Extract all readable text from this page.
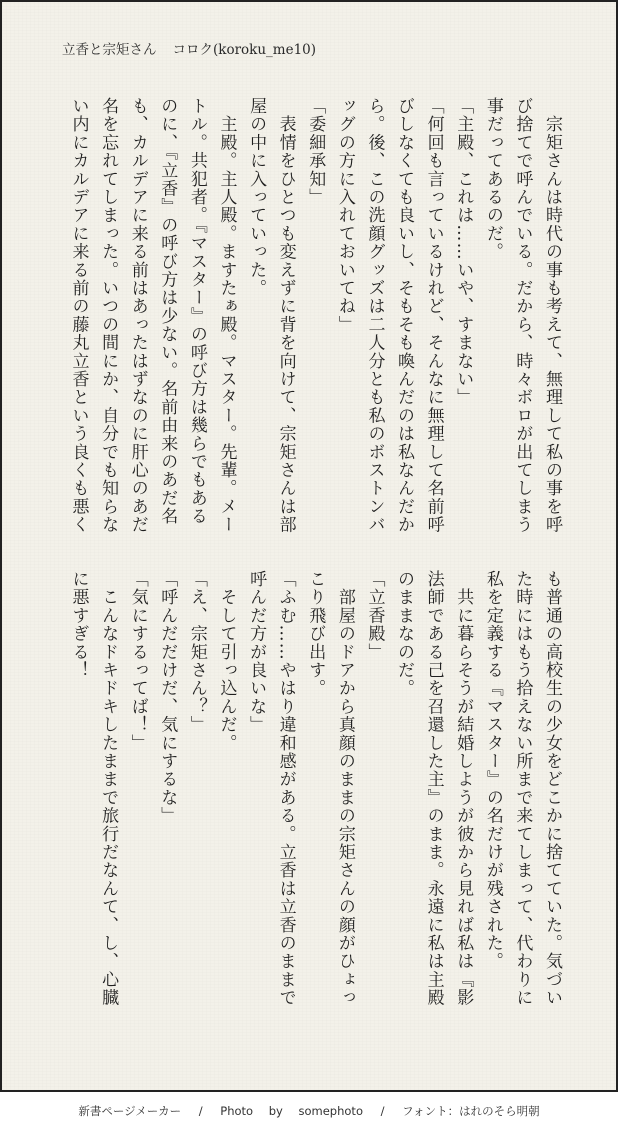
立香と宗矩さん コロク(koroku_me10)

　宗矩さんは時代の事も考えて、無理して私の事を呼

び捨てで呼んでいる。だから、時々ボロが出てしまう

事だってあるのだ。

「主殿、これは……いや、すまない」

「何回も言っているけれど、そんなに無理して名前呼

びしなくても良いし、そもそも喚んだのは私なんだか

ら。後、この洗顔グッズは二人分とも私のボストンバ

ッグの方に入れておいてね」

「委細承知」

　表情をひとつも変えずに背を向けて、宗矩さんは部

屋の中に入っていった。

　主殿。主人殿。ますたぁ殿。マスター。先輩。メー

トル。共犯者。『マスター』の呼び方は幾らでもある

のに、『立香』の呼び方は少ない。名前由来のあだ名

も、カルデアに来る前はあったはずなのに肝心のあだ

名を忘れてしまった。いつの間にか、自分でも知らな

い内にカルデアに来る前の藤丸立香という良くも悪く

も普通の高校生の少女をどこかに捨てていた。気づい

た時にはもう拾えない所まで来てしまって、代わりに

私を定義する『マスター』の名だけが残された。

　共に暮らそうが結婚しようが彼から見れば私は『影

法師である己を召還した主』のまま。永遠に私は主殿

のままなのだ。

「立香殿」

　部屋のドアから真顔のままの宗矩さんの顔がひょっ

こり飛び出す。

「ふむ……やはり違和感がある。立香は立香のままで

呼んだ方が良いな」

　そして引っ込んだ。

「え、宗矩さん？」

「呼んだだけだ、気にするな」

「気にするってば！」

　こんなドキドキしたままで旅行だなんて、し、心臓

に悪すぎる！

新書ページメーカー / Photo by somephoto / フォント：はれのそら明朝
